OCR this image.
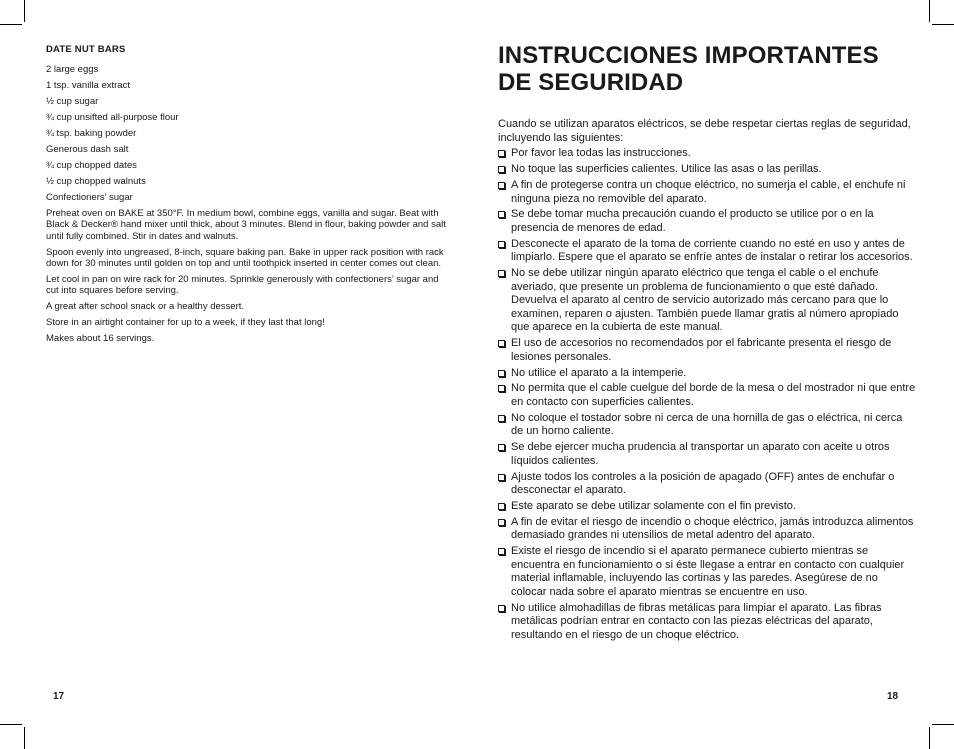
DATE NUT BARS
2 large eggs
1 tsp. vanilla extract
½ cup sugar
¾ cup unsifted all-purpose flour
¾ tsp. baking powder
Generous dash salt
¾ cup chopped dates
½ cup chopped walnuts
Confectioners’ sugar

Preheat oven on BAKE at 350°F. In medium bowl, combine eggs, vanilla and sugar. Beat with Black & Decker® hand mixer until thick, about 3 minutes. Blend in flour, baking powder and salt until fully combined. Stir in dates and walnuts.

Spoon evenly into ungreased, 8-inch, square baking pan. Bake in upper rack position with rack down for 30 minutes until golden on top and until toothpick inserted in center comes out clean.

Let cool in pan on wire rack for 20 minutes. Sprinkle generously with confectioners’ sugar and cut into squares before serving.

A great after school snack or a healthy dessert.

Store in an airtight container for up to a week, if they last that long!

Makes about 16 servings.

INSTRUCCIONES IMPORTANTES
DE SEGURIDAD

Cuando se utilizan aparatos eléctricos, se debe respetar ciertas reglas de seguridad, incluyendo las siguientes:

Por favor lea todas las instrucciones.
No toque las superficies calientes. Utilice las asas o las perillas.
A fin de protegerse contra un choque eléctrico, no sumerja el cable, el enchufe ni ninguna pieza no removible del aparato.
Se debe tomar mucha precaución cuando el producto se utilice por o en la presencia de menores de edad.
Desconecte el aparato de la toma de corriente cuando no esté en uso y antes de limpiarlo. Espere que el aparato se enfríe antes de instalar o retirar los accesorios.
No se debe utilizar ningún aparato eléctrico que tenga el cable o el enchufe averiado, que presente un problema de funcionamiento o que esté dañado. Devuelva el aparato al centro de servicio autorizado más cercano para que lo examinen, reparen o ajusten. También puede llamar gratis al número apropiado que aparece en la cubierta de este manual.
El uso de accesorios no recomendados por el fabricante presenta el riesgo de lesiones personales.
No utilice el aparato a la intemperie.
No permita que el cable cuelgue del borde de la mesa o del mostrador ni que entre en contacto con superficies calientes.
No coloque el tostador sobre ni cerca de una hornilla de gas o eléctrica, ni cerca de un horno caliente.
Se debe ejercer mucha prudencia al transportar un aparato con aceite u otros líquidos calientes.
Ajuste todos los controles a la posición de apagado (OFF) antes de enchufar o desconectar el aparato.
Este aparato se debe utilizar solamente con el fin previsto.
A fin de evitar el riesgo de incendio o choque eléctrico, jamás introduzca alimentos demasiado grandes ni utensilios de metal adentro del aparato.
Existe el riesgo de incendio si el aparato permanece cubierto mientras se encuentra en funcionamiento o si éste llegase a entrar en contacto con cualquier material inflamable, incluyendo las cortinas y las paredes. Asegúrese de no colocar nada sobre el aparato mientras se encuentre en uso.
No utilice almohadillas de fibras metálicas para limpiar el aparato. Las fibras metálicas podrían entrar en contacto con las piezas eléctricas del aparato, resultando en el riesgo de un choque eléctrico.
17	18
